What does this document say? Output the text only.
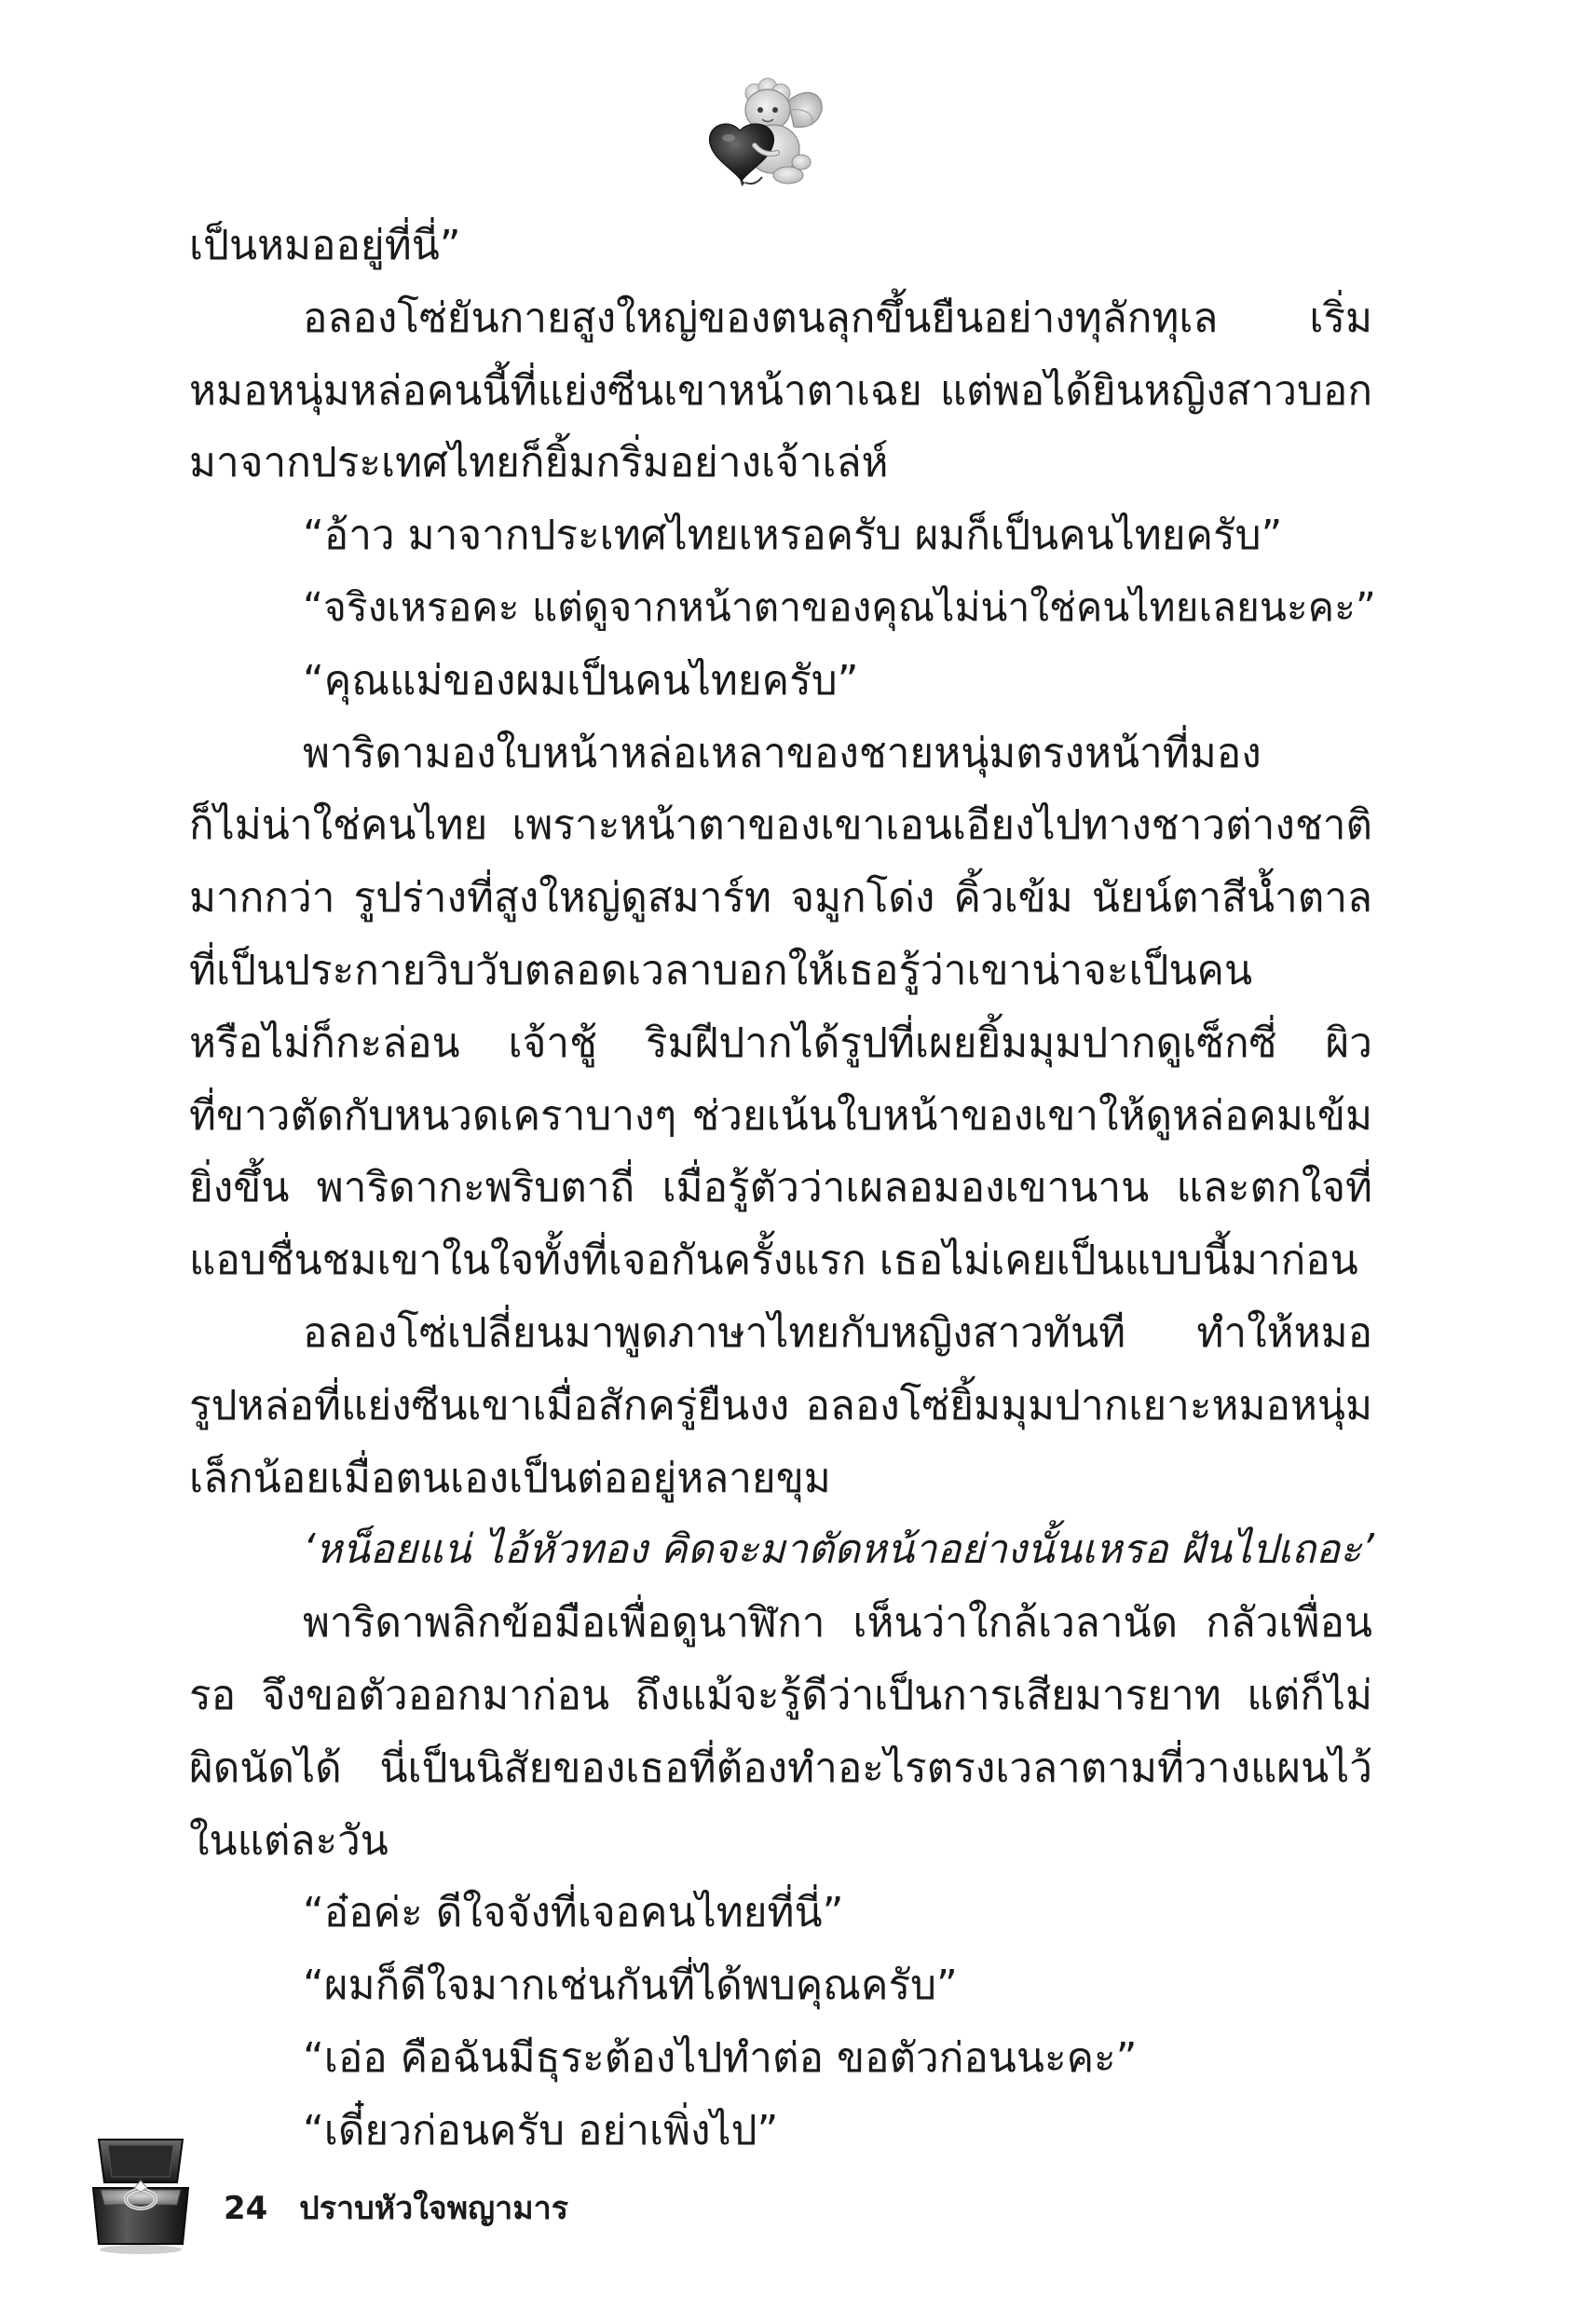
เป็นหมออยู่ที่นี่”
อลองโซ่ยันกายสูงใหญ่ของตนลุกขึ้นยืนอย่างทุลักทุเล เริ่ม
หมอหนุ่มหล่อคนนี้ที่แย่งซีนเขาหน้าตาเฉย แต่พอได้ยินหญิงสาวบอก
มาจากประเทศไทยก็ยิ้มกริ่มอย่างเจ้าเล่ห์
“อ้าว มาจากประเทศไทยเหรอครับ ผมก็เป็นคนไทยครับ”
“จริงเหรอคะ แต่ดูจากหน้าตาของคุณไม่น่าใช่คนไทยเลยนะคะ”
“คุณแม่ของผมเป็นคนไทยครับ”
พาริดามองใบหน้าหล่อเหลาของชายหนุ่มตรงหน้าที่มอง
ก็ไม่น่าใช่คนไทย เพราะหน้าตาของเขาเอนเอียงไปทางชาวต่างชาติ
มากกว่า รูปร่างที่สูงใหญ่ดูสมาร์ท จมูกโด่ง คิ้วเข้ม นัยน์ตาสีน้ำตาล
ที่เป็นประกายวิบวับตลอดเวลาบอกให้เธอรู้ว่าเขาน่าจะเป็นคน
หรือไม่ก็กะล่อน เจ้าชู้ ริมฝีปากได้รูปที่เผยยิ้มมุมปากดูเซ็กซี่ ผิว
ที่ขาวตัดกับหนวดเคราบางๆ ช่วยเน้นใบหน้าของเขาให้ดูหล่อคมเข้ม
ยิ่งขึ้น พาริดากะพริบตาถี่ เมื่อรู้ตัวว่าเผลอมองเขานาน และตกใจที่
แอบชื่นชมเขาในใจทั้งที่เจอกันครั้งแรก เธอไม่เคยเป็นแบบนี้มาก่อน
อลองโซ่เปลี่ยนมาพูดภาษาไทยกับหญิงสาวทันที ทำให้หมอ
รูปหล่อที่แย่งซีนเขาเมื่อสักครู่ยืนงง อลองโซ่ยิ้มมุมปากเยาะหมอหนุ่ม
เล็กน้อยเมื่อตนเองเป็นต่ออยู่หลายขุม
‘หน็อยแน่ ไอ้หัวทอง คิดจะมาตัดหน้าอย่างนั้นเหรอ ฝันไปเถอะ’
พาริดาพลิกข้อมือเพื่อดูนาฬิกา เห็นว่าใกล้เวลานัด กลัวเพื่อน
รอ จึงขอตัวออกมาก่อน ถึงแม้จะรู้ดีว่าเป็นการเสียมารยาท แต่ก็ไม่
ผิดนัดได้ นี่เป็นนิสัยของเธอที่ต้องทำอะไรตรงเวลาตามที่วางแผนไว้
ในแต่ละวัน
“อ๋อค่ะ ดีใจจังที่เจอคนไทยที่นี่”
“ผมก็ดีใจมากเช่นกันที่ได้พบคุณครับ”
“เอ่อ คือฉันมีธุระต้องไปทำต่อ ขอตัวก่อนนะคะ”
“เดี๋ยวก่อนครับ อย่าเพิ่งไป”
24 ปราบหัวใจพญามาร
